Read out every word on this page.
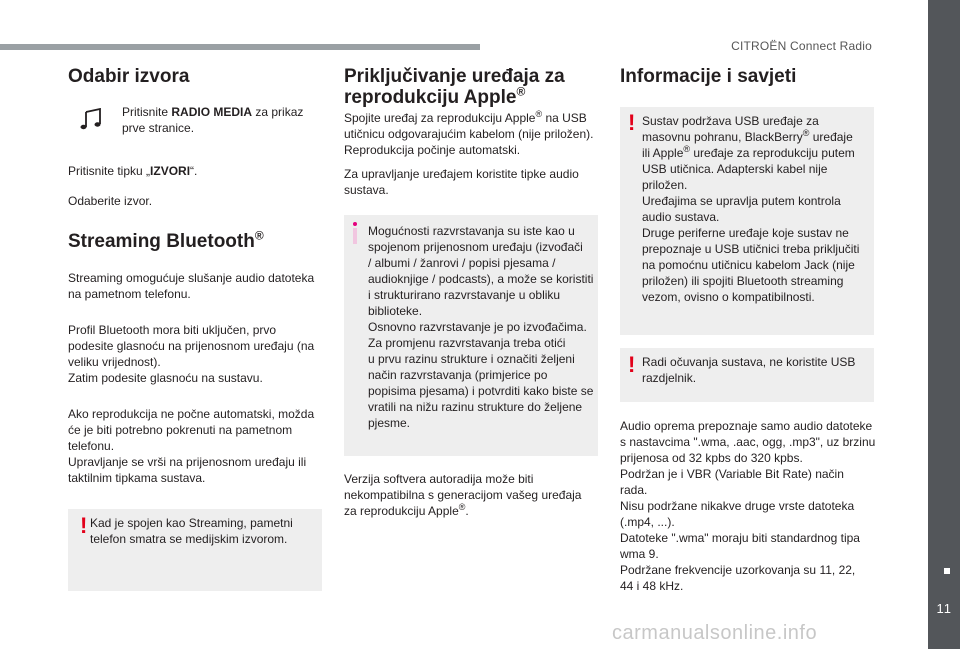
CITROËN Connect Radio
11
Odabir izvora

Pritisnite RADIO MEDIA za prikaz
prve stranice.

Pritisnite tipku „IZVORI“.

Odaberite izvor.

Streaming Bluetooth®

Streaming omogućuje slušanje audio datoteka
na pametnom telefonu.

Profil Bluetooth mora biti uključen, prvo
podesite glasnoću na prijenosnom uređaju (na
veliku vrijednost).
Zatim podesite glasnoću na sustavu.

Ako reprodukcija ne počne automatski, možda
će je biti potrebno pokrenuti na pametnom
telefonu.
Upravljanje se vrši na prijenosnom uređaju ili
taktilnim tipkama sustava.

! Kad je spojen kao Streaming, pametni
telefon smatra se medijskim izvorom.
Priključivanje uređaja za
reprodukciju Apple®

Spojite uređaj za reprodukciju Apple® na USB
utičnicu odgovarajućim kabelom (nije priložen).
Reprodukcija počinje automatski.

Za upravljanje uređajem koristite tipke audio
sustava.

Verzija softvera autoradija može biti
nekompatibilna s generacijom vašeg uređaja
za reprodukciju Apple®.

Mogućnosti razvrstavanja su iste kao u
spojenom prijenosnom uređaju (izvođači
/ albumi / žanrovi / popisi pjesama /
audioknjige / podcasts), a može se koristiti
i strukturirano razvrstavanje u obliku
biblioteke.
Osnovno razvrstavanje je po izvođačima.
Za promjenu razvrstavanja treba otići
u prvu razinu strukture i označiti željeni
način razvrstavanja (primjerice po
popisima pjesama) i potvrditi kako biste se
vratili na nižu razinu strukture do željene
pjesme.
Informacije i savjeti

Audio oprema prepoznaje samo audio datoteke
s nastavcima ".wma, .aac, ogg, .mp3", uz brzinu
prijenosa od 32 kpbs do 320 kpbs.
Podržan je i VBR (Variable Bit Rate) način
rada.
Nisu podržane nikakve druge vrste datoteka
(.mp4, ...).
Datoteke ".wma" moraju biti standardnog tipa
wma 9.
Podržane frekvencije uzorkovanja su 11, 22,
44 i 48 kHz.

! Sustav podržava USB uređaje za
masovnu pohranu, BlackBerry® uređaje
ili Apple® uređaje za reprodukciju putem
USB utičnica. Adapterski kabel nije
priložen.
Uređajima se upravlja putem kontrola
audio sustava.
Druge periferne uređaje koje sustav ne
prepoznaje u USB utičnici treba priključiti
na pomoćnu utičnicu kabelom Jack (nije
priložen) ili spojiti Bluetooth streaming
vezom, ovisno o kompatibilnosti.
! Radi očuvanja sustava, ne koristite USB
razdjelnik.
carmanualsonline.info
